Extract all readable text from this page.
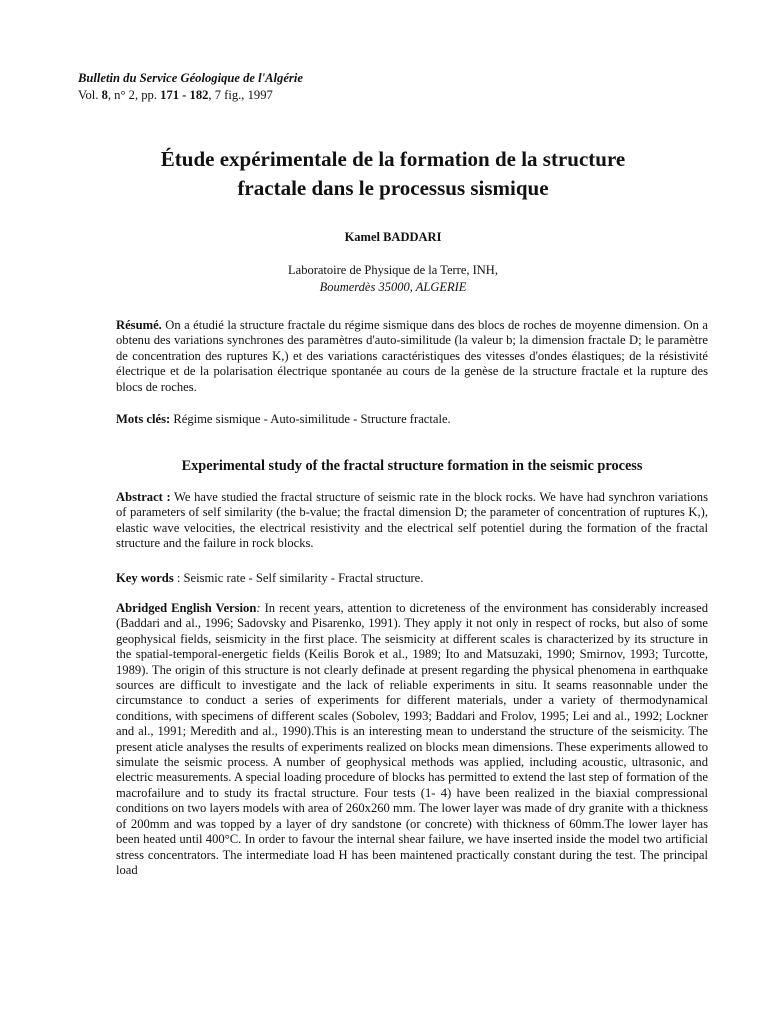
Bulletin du Service Géologique de l'Algérie
Vol. 8, n° 2, pp. 171 - 182, 7 fig., 1997
Étude expérimentale de la formation de la structure
fractale dans le processus sismique
Kamel BADDARI
Laboratoire de Physique de la Terre, INH,
Boumerdès 35000, ALGERIE
Résumé. On a étudié la structure fractale du régime sismique dans des blocs de roches de moyenne dimension. On a obtenu des variations synchrones des paramètres d'auto-similitude (la valeur b; la dimension fractale D; le paramètre de concentration des ruptures K,) et des variations caractéristiques des vitesses d'ondes élastiques; de la résistivité électrique et de la polarisation électrique spontanée au cours de la genèse de la structure fractale et la rupture des blocs de roches.
Mots clés: Régime sismique - Auto-similitude - Structure fractale.
Experimental study of the fractal structure formation in the seismic process
Abstract : We have studied the fractal structure of seismic rate in the block rocks. We have had synchron variations of parameters of self similarity (the b-value; the fractal dimension D; the parameter of concentration of ruptures K,), elastic wave velocities, the electrical resistivity and the electrical self potentiel during the formation of the fractal structure and the failure in rock blocks.
Key words : Seismic rate - Self similarity - Fractal structure.
Abridged English Version: In recent years, attention to dicreteness of the environment has considerably increased (Baddari and al., 1996; Sadovsky and Pisarenko, 1991). They apply it not only in respect of rocks, but also of some geophysical fields, seismicity in the first place. The seismicity at different scales is characterized by its structure in the spatial-temporal-energetic fields (Keilis Borok et al., 1989; Ito and Matsuzaki, 1990; Smirnov, 1993; Turcotte, 1989). The origin of this structure is not clearly definade at present regarding the physical phenomena in earthquake sources are difficult to investigate and the lack of reliable experiments in situ. It seams reasonnable under the circumstance to conduct a series of experiments for different materials, under a variety of thermodynamical conditions, with specimens of different scales (Sobolev, 1993; Baddari and Frolov, 1995; Lei and al., 1992; Lockner and al., 1991; Meredith and al., 1990).This is an interesting mean to understand the structure of the seismicity. The present aticle analyses the results of experiments realized on blocks mean dimensions. These experiments allowed to simulate the seismic process. A number of geophysical methods was applied, including acoustic, ultrasonic, and electric measurements. A special loading procedure of blocks has permitted to extend the last step of formation of the macrofailure and to study its fractal structure. Four tests (1- 4) have been realized in the biaxial compressional conditions on two layers models with area of 260x260 mm. The lower layer was made of dry granite with a thickness of 200mm and was topped by a layer of dry sandstone (or concrete) with thickness of 60mm.The lower layer has been heated until 400°C. In order to favour the internal shear failure, we have inserted inside the model two artificial stress concentrators. The intermediate load H has been maintened practically constant during the test. The principal load
